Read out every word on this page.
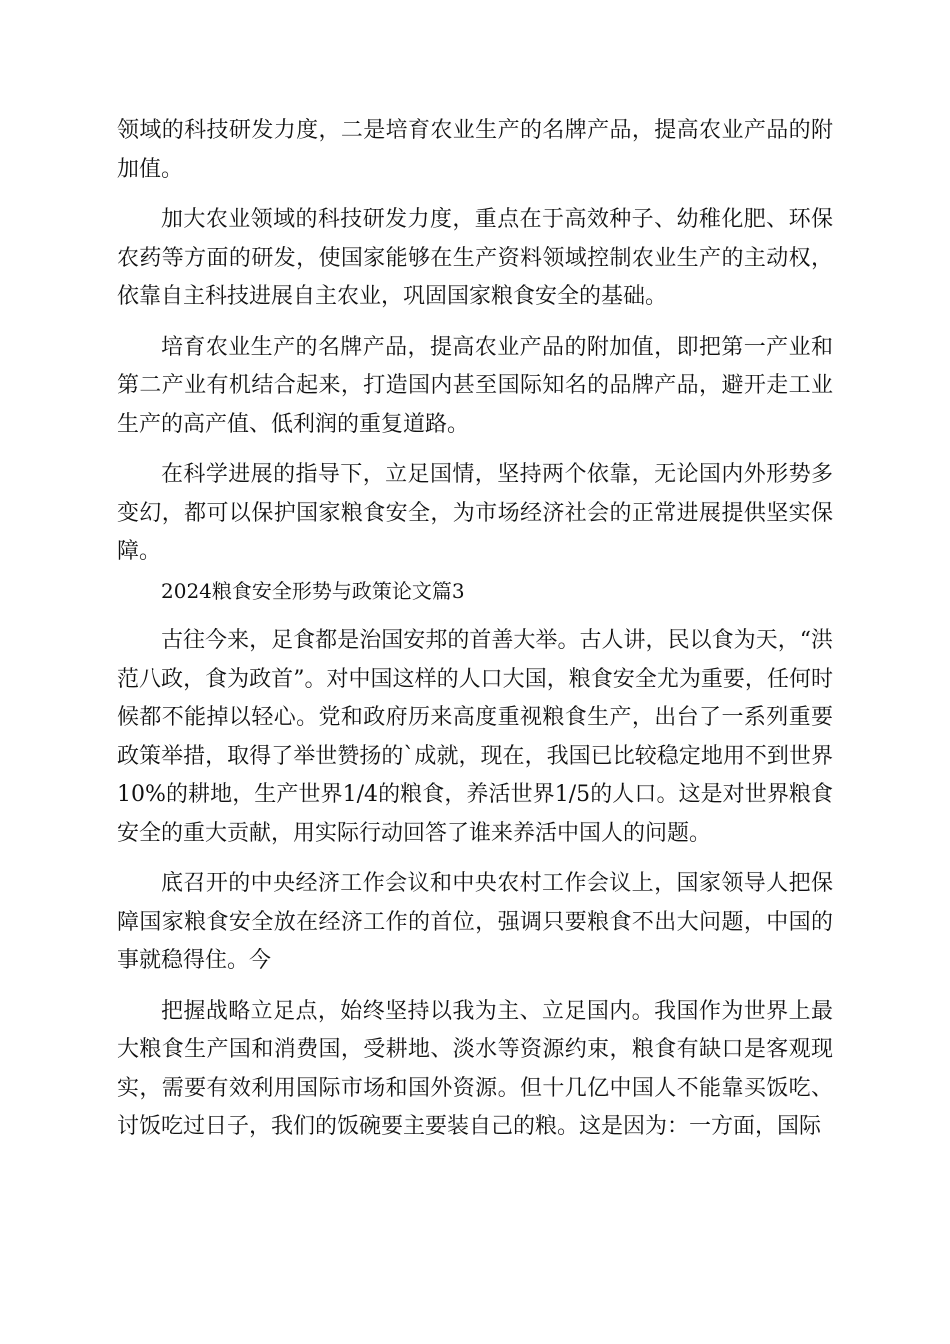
领域的科技研发力度，二是培育农业生产的名牌产品，提高农业产品的附加值。

加大农业领域的科技研发力度，重点在于高效种子、幼稚化肥、环保农药等方面的研发，使国家能够在生产资料领域控制农业生产的主动权，依靠自主科技进展自主农业，巩固国家粮食安全的基础。

培育农业生产的名牌产品，提高农业产品的附加值，即把第一产业和第二产业有机结合起来，打造国内甚至国际知名的品牌产品，避开走工业生产的高产值、低利润的重复道路。

在科学进展的指导下，立足国情，坚持两个依靠，无论国内外形势多变幻，都可以保护国家粮食安全，为市场经济社会的正常进展提供坚实保障。

2024粮食安全形势与政策论文篇3

古往今来，足食都是治国安邦的首善大举。古人讲，民以食为天，“洪范八政，食为政首”。对中国这样的人口大国，粮食安全尤为重要，任何时候都不能掉以轻心。党和政府历来高度重视粮食生产，出台了一系列重要政策举措，取得了举世赞扬的`成就，现在，我国已比较稳定地用不到世界10%的耕地，生产世界1/4的粮食，养活世界1/5的人口。这是对世界粮食安全的重大贡献，用实际行动回答了谁来养活中国人的问题。

底召开的中央经济工作会议和中央农村工作会议上，国家领导人把保障国家粮食安全放在经济工作的首位，强调只要粮食不出大问题，中国的事就稳得住。今

把握战略立足点，始终坚持以我为主、立足国内。我国作为世界上最大粮食生产国和消费国，受耕地、淡水等资源约束，粮食有缺口是客观现实，需要有效利用国际市场和国外资源。但十几亿中国人不能靠买饭吃、讨饭吃过日子，我们的饭碗要主要装自己的粮。这是因为：一方面，国际
